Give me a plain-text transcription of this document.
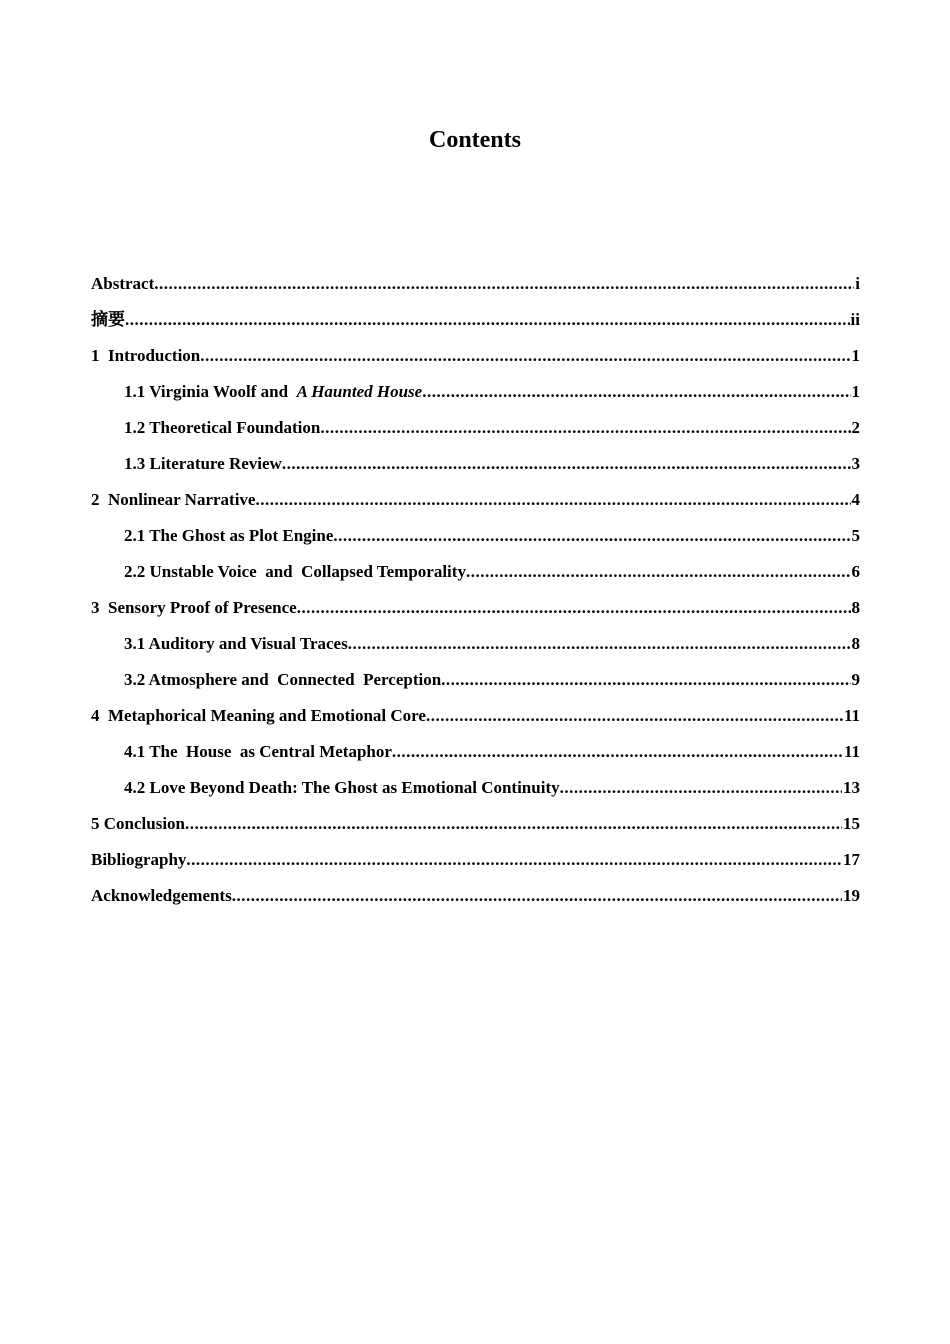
Contents
Abstract .....	i
摘要 .....	ii
1  Introduction .....	1
1.1 Virginia Woolf and  A Haunted House .....	1
1.2 Theoretical Foundation .....	2
1.3 Literature Review .....	3
2  Nonlinear Narrative .....	4
2.1 The Ghost as Plot Engine .....	5
2.2 Unstable Voice  and  Collapsed Temporality .....	6
3  Sensory Proof of Presence .....	8
3.1 Auditory and Visual Traces .....	8
3.2 Atmosphere and  Connected  Perception .....	9
4  Metaphorical Meaning and Emotional Core .....	11
4.1 The  House  as Central Metaphor .....	11
4.2 Love Beyond Death: The Ghost as Emotional Continuity .....	13
5 Conclusion .....	15
Bibliography .....	17
Acknowledgements .....	19
